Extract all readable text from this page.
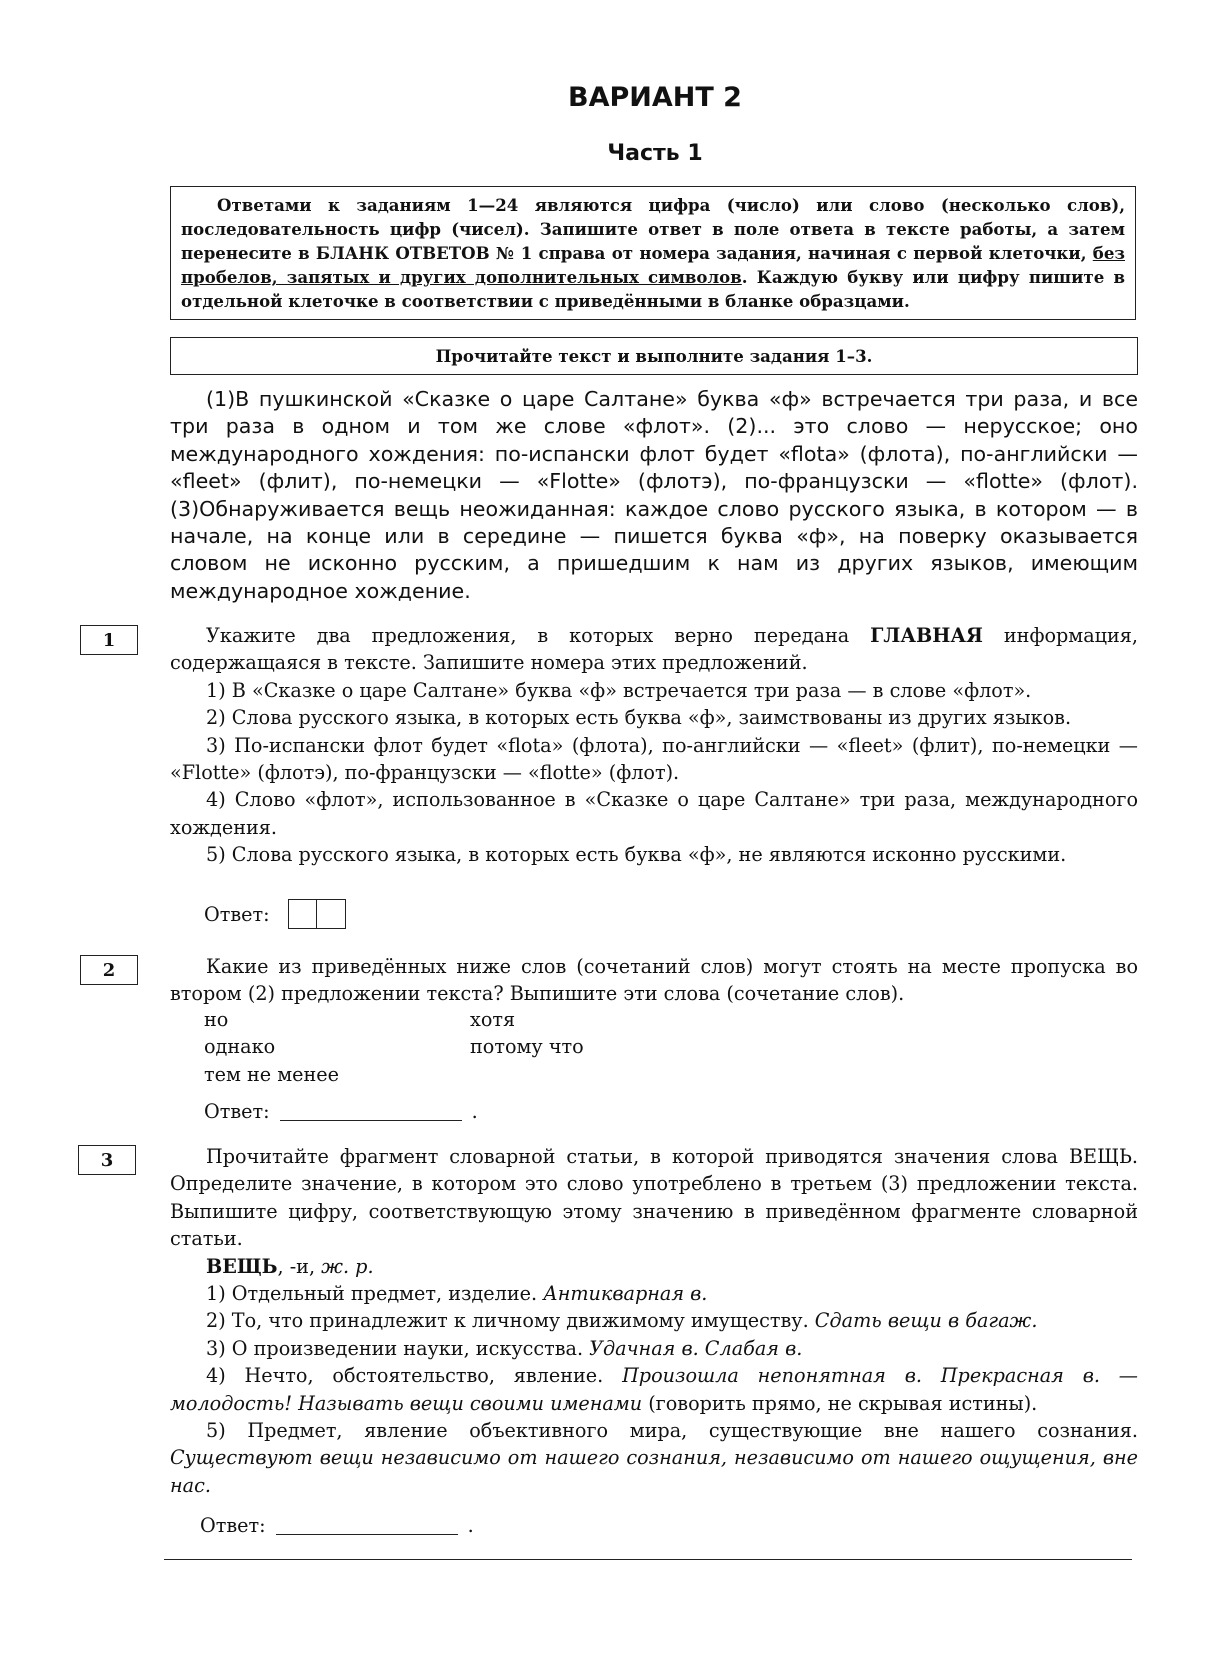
ВАРИАНТ 2
Часть 1
Ответами к заданиям 1—24 являются цифра (число) или слово (несколько слов), последовательность цифр (чисел). Запишите ответ в поле ответа в тексте работы, а затем перенесите в БЛАНК ОТВЕТОВ № 1 справа от номера задания, начиная с первой клеточки, без пробелов, запятых и других дополнительных символов. Каждую букву или цифру пишите в отдельной клеточке в соответствии с приведёнными в бланке образцами.
Прочитайте текст и выполните задания 1–3.

(1)В пушкинской «Сказке о царе Салтане» буква «ф» встречается три раза, и все три раза в одном и том же слове «флот». (2)... это слово — нерусское; оно международного хождения: по-испански флот будет «flota» (флота), по-английски — «fleet» (флит), по-немецки — «Flotte» (флотэ), по-французски — «flotte» (флот). (3)Обнаруживается вещь неожиданная: каждое слово русского языка, в котором — в начале, на конце или в середине — пишется буква «ф», на поверку оказывается словом не исконно русским, а пришедшим к нам из других языков, имеющим международное хождение.

1	Укажите два предложения, в которых верно передана ГЛАВНАЯ информация, содержащаяся в тексте. Запишите номера этих предложений.
1) В «Сказке о царе Салтане» буква «ф» встречается три раза — в слове «флот».
2) Слова русского языка, в которых есть буква «ф», заимствованы из других языков.
3) По-испански флот будет «flota» (флота), по-английски — «fleet» (флит), по-немецки — «Flotte» (флотэ), по-французски — «flotte» (флот).
4) Слово «флот», использованное в «Сказке о царе Салтане» три раза, международного хождения.
5) Слова русского языка, в которых есть буква «ф», не являются исконно русскими.
Ответ:
2	Какие из приведённых ниже слов (сочетаний слов) могут стоять на месте пропуска во втором (2) предложении текста? Выпишите эти слова (сочетание слов).
но
однако
тем не менее
хотя
потому что
Ответ:	.
3	Прочитайте фрагмент словарной статьи, в которой приводятся значения слова ВЕЩЬ. Определите значение, в котором это слово употреблено в третьем (3) предложении текста. Выпишите цифру, соответствующую этому значению в приведённом фрагменте словарной статьи.
ВЕЩЬ, -и, ж. р.
1) Отдельный предмет, изделие. Антикварная в.
2) То, что принадлежит к личному движимому имуществу. Сдать вещи в багаж.
3) О произведении науки, искусства. Удачная в. Слабая в.
4) Нечто, обстоятельство, явление. Произошла непонятная в. Прекрасная в. — молодость! Называть вещи своими именами (говорить прямо, не скрывая истины).
5) Предмет, явление объективного мира, существующие вне нашего сознания. Существуют вещи независимо от нашего сознания, независимо от нашего ощущения, вне нас.
Ответ:	.
